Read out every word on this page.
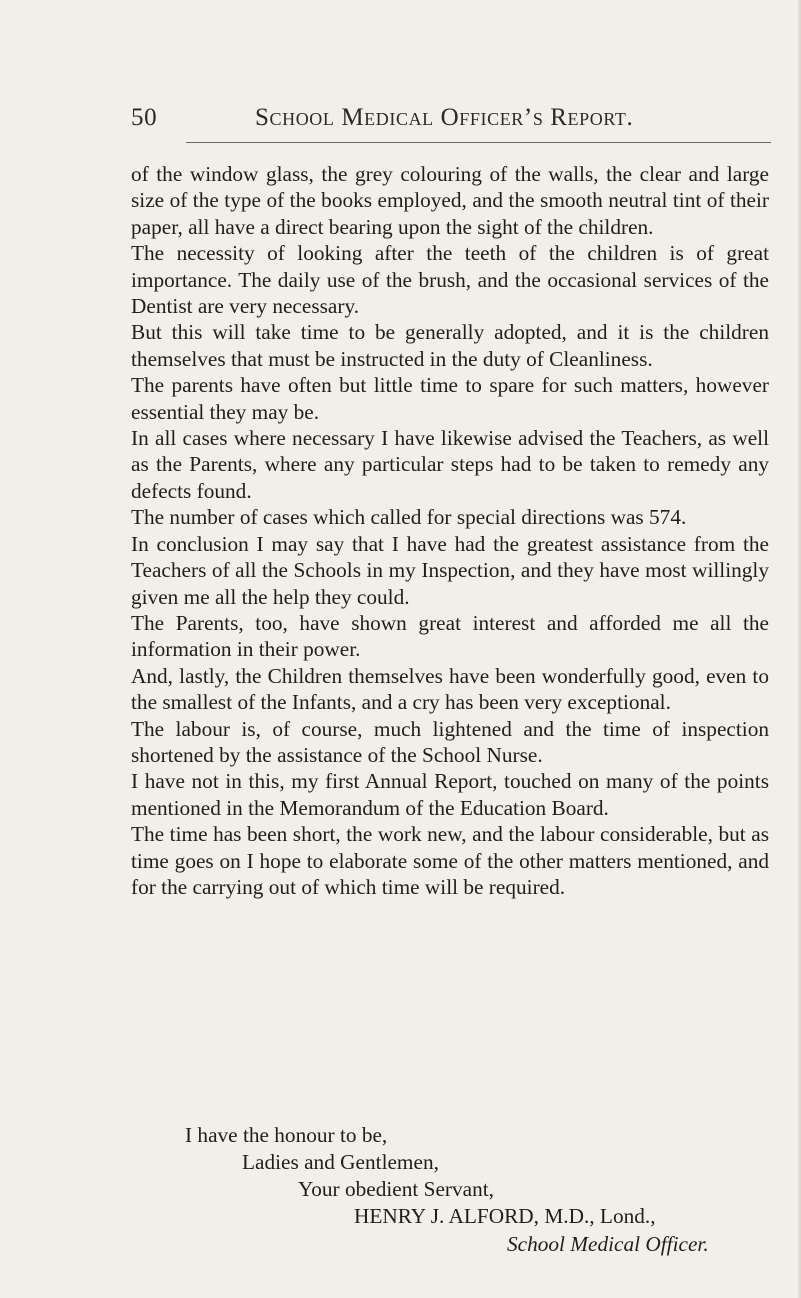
50	School Medical Officer’s Report.

of the window glass, the grey colouring of the walls, the clear and large size of the type of the books employed, and the smooth neutral tint of their paper, all have a direct bearing upon the sight of the children.

The necessity of looking after the teeth of the children is of great importance. The daily use of the brush, and the occasional services of the Dentist are very necessary.

But this will take time to be generally adopted, and it is the children themselves that must be instructed in the duty of Cleanliness.

The parents have often but little time to spare for such matters, however essential they may be.

In all cases where necessary I have likewise advised the Teachers, as well as the Parents, where any particular steps had to be taken to remedy any defects found.

The number of cases which called for special directions was 574.

In conclusion I may say that I have had the greatest assistance from the Teachers of all the Schools in my Inspection, and they have most willingly given me all the help they could.

The Parents, too, have shown great interest and afforded me all the information in their power.

And, lastly, the Children themselves have been wonderfully good, even to the smallest of the Infants, and a cry has been very exceptional.

The labour is, of course, much lightened and the time of inspection shortened by the assistance of the School Nurse.

I have not in this, my first Annual Report, touched on many of the points mentioned in the Memorandum of the Education Board.

The time has been short, the work new, and the labour considerable, but as time goes on I hope to elaborate some of the other matters mentioned, and for the carrying out of which time will be required.

I have the honour to be,
Ladies and Gentlemen,
Your obedient Servant,
HENRY J. ALFORD, M.D., Lond.,
School Medical Officer.
